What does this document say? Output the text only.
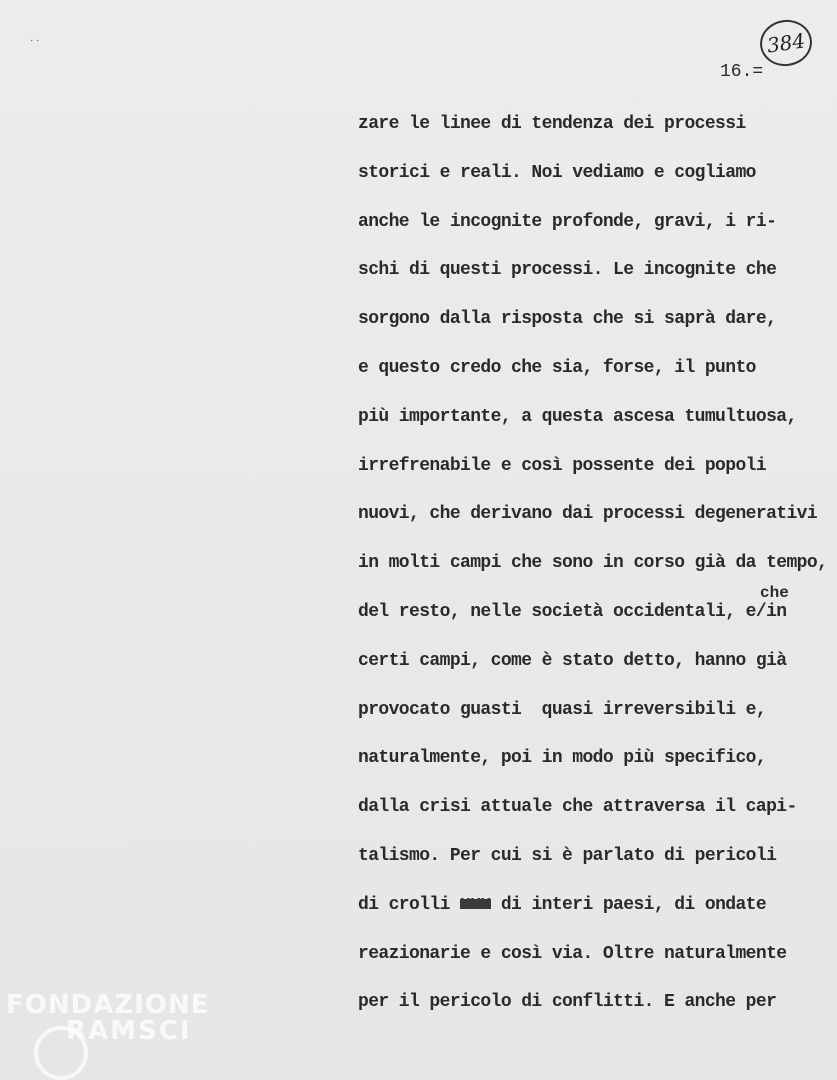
· ·	384
16.=
zare le linee di tendenza dei processi
storici e reali. Noi vediamo e cogliamo
anche le incognite profonde, gravi, i ri-
schi di questi processi. Le incognite che
sorgono dalla risposta che si saprà dare,
e questo credo che sia, forse, il punto
più importante, a questa ascesa tumultuosa,
irrefrenabile e così possente dei popoli
nuovi, che derivano dai processi degenerativi
in molti campi che sono in corso già da tempo,
del resto, nelle società occidentali, e/in
certi campi, come è stato detto, hanno già
provocato guasti  quasi irreversibili e,
naturalmente, poi in modo più specifico,
dalla crisi attuale che attraversa il capi-
talismo. Per cui si è parlato di pericoli
di crolli xxx di interi paesi, di ondate
reazionarie e così via. Oltre naturalmente
per il pericolo di conflitti. E anche per
che
FONDAZIONE
RAMSCI
